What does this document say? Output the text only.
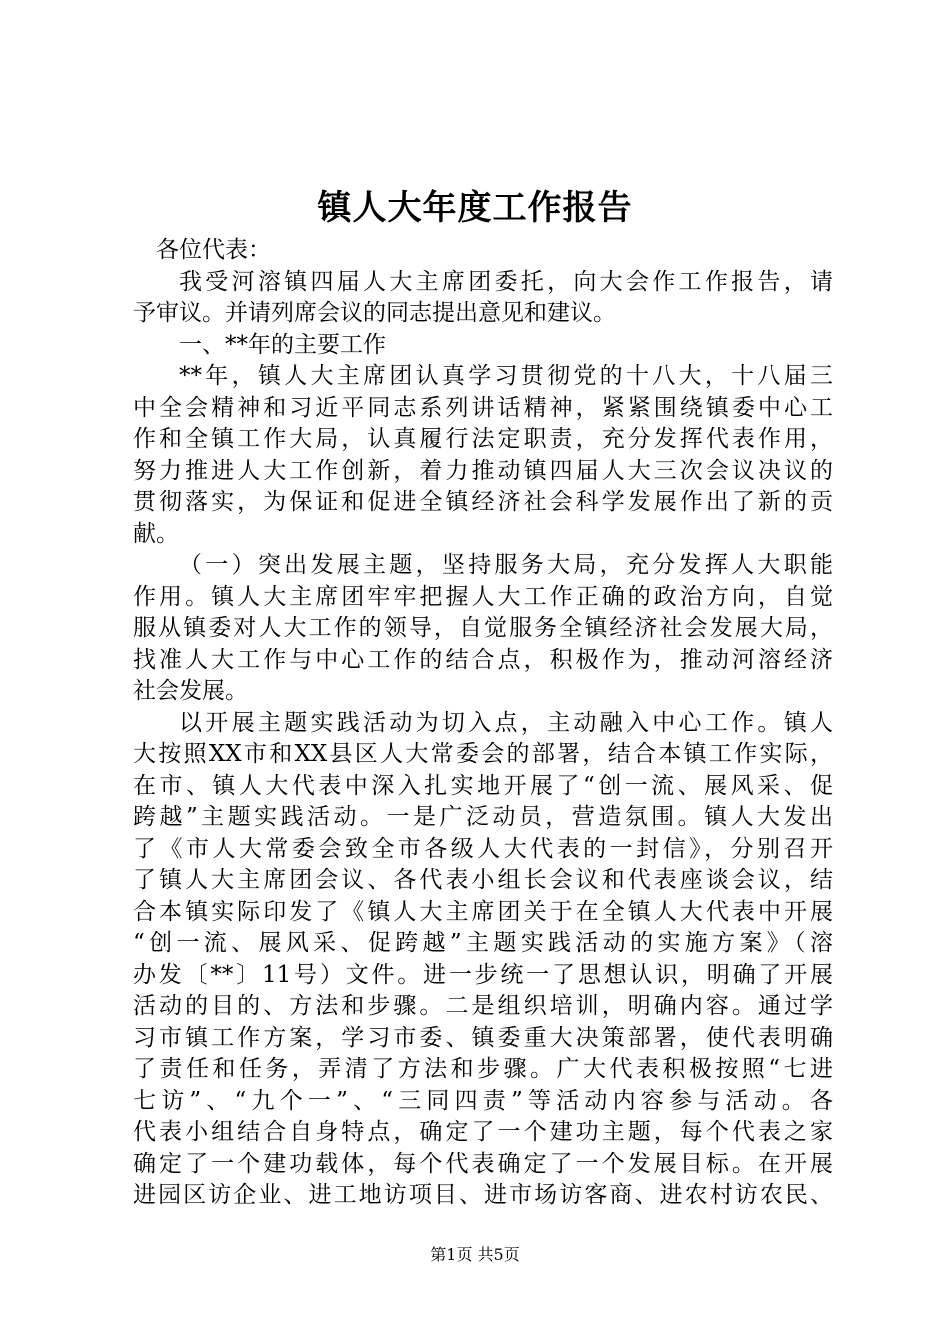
镇人大年度工作报告
各位代表：
我受河溶镇四届人大主席团委托，向大会作工作报告，请
予审议。并请列席会议的同志提出意见和建议。
一、**年的主要工作
**年，镇人大主席团认真学习贯彻党的十八大，十八届三
中全会精神和习近平同志系列讲话精神，紧紧围绕镇委中心工
作和全镇工作大局，认真履行法定职责，充分发挥代表作用，
努力推进人大工作创新，着力推动镇四届人大三次会议决议的
贯彻落实，为保证和促进全镇经济社会科学发展作出了新的贡
献。
（一）突出发展主题，坚持服务大局，充分发挥人大职能
作用。镇人大主席团牢牢把握人大工作正确的政治方向，自觉
服从镇委对人大工作的领导，自觉服务全镇经济社会发展大局，
找准人大工作与中心工作的结合点，积极作为，推动河溶经济
社会发展。
以开展主题实践活动为切入点，主动融入中心工作。镇人
大按照XX市和XX县区人大常委会的部署，结合本镇工作实际，
在市、镇人大代表中深入扎实地开展了“创一流、展风采、促
跨越”主题实践活动。一是广泛动员，营造氛围。镇人大发出
了《市人大常委会致全市各级人大代表的一封信》，分别召开
了镇人大主席团会议、各代表小组长会议和代表座谈会议，结
合本镇实际印发了《镇人大主席团关于在全镇人大代表中开展
“创一流、展风采、促跨越”主题实践活动的实施方案》（溶
办发〔**〕11号）文件。进一步统一了思想认识，明确了开展
活动的目的、方法和步骤。二是组织培训，明确内容。通过学
习市镇工作方案，学习市委、镇委重大决策部署，使代表明确
了责任和任务，弄清了方法和步骤。广大代表积极按照“七进
七访”、“九个一”、“三同四责”等活动内容参与活动。各
代表小组结合自身特点，确定了一个建功主题，每个代表之家
确定了一个建功载体，每个代表确定了一个发展目标。在开展
进园区访企业、进工地访项目、进市场访客商、进农村访农民、
第1页 共5页
